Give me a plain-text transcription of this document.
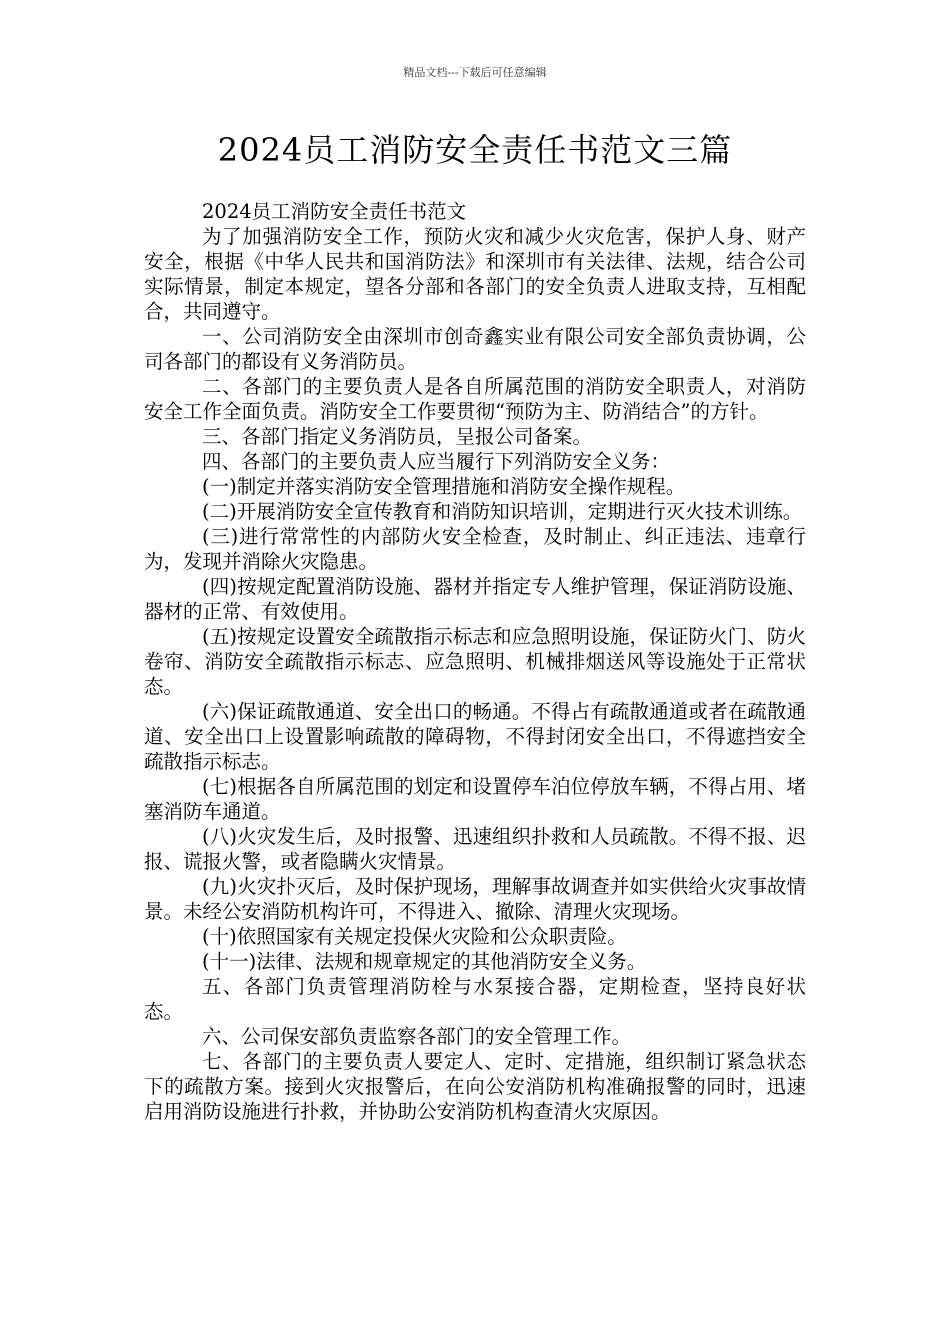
精品文档---下载后可任意编辑
2024员工消防安全责任书范文三篇

2024员工消防安全责任书范文

为了加强消防安全工作，预防火灾和减少火灾危害，保护人身、财产安全，根据《中华人民共和国消防法》和深圳市有关法律、法规，结合公司实际情景，制定本规定，望各分部和各部门的安全负责人进取支持，互相配合，共同遵守。

一、公司消防安全由深圳市创奇鑫实业有限公司安全部负责协调，公司各部门的都设有义务消防员。

二、各部门的主要负责人是各自所属范围的消防安全职责人，对消防安全工作全面负责。消防安全工作要贯彻“预防为主、防消结合”的方针。

三、各部门指定义务消防员，呈报公司备案。

四、各部门的主要负责人应当履行下列消防安全义务：

(一)制定并落实消防安全管理措施和消防安全操作规程。

(二)开展消防安全宣传教育和消防知识培训，定期进行灭火技术训练。

(三)进行常常性的内部防火安全检查，及时制止、纠正违法、违章行为，发现并消除火灾隐患。

(四)按规定配置消防设施、器材并指定专人维护管理，保证消防设施、器材的正常、有效使用。

(五)按规定设置安全疏散指示标志和应急照明设施，保证防火门、防火卷帘、消防安全疏散指示标志、应急照明、机械排烟送风等设施处于正常状态。

(六)保证疏散通道、安全出口的畅通。不得占有疏散通道或者在疏散通道、安全出口上设置影响疏散的障碍物，不得封闭安全出口，不得遮挡安全疏散指示标志。

(七)根据各自所属范围的划定和设置停车泊位停放车辆，不得占用、堵塞消防车通道。

(八)火灾发生后，及时报警、迅速组织扑救和人员疏散。不得不报、迟报、谎报火警，或者隐瞒火灾情景。

(九)火灾扑灭后，及时保护现场，理解事故调查并如实供给火灾事故情景。未经公安消防机构许可，不得进入、撤除、清理火灾现场。

(十)依照国家有关规定投保火灾险和公众职责险。

(十一)法律、法规和规章规定的其他消防安全义务。

五、各部门负责管理消防栓与水泵接合器，定期检查，坚持良好状态。

六、公司保安部负责监察各部门的安全管理工作。

七、各部门的主要负责人要定人、定时、定措施，组织制订紧急状态下的疏散方案。接到火灾报警后，在向公安消防机构准确报警的同时，迅速启用消防设施进行扑救，并协助公安消防机构查清火灾原因。
